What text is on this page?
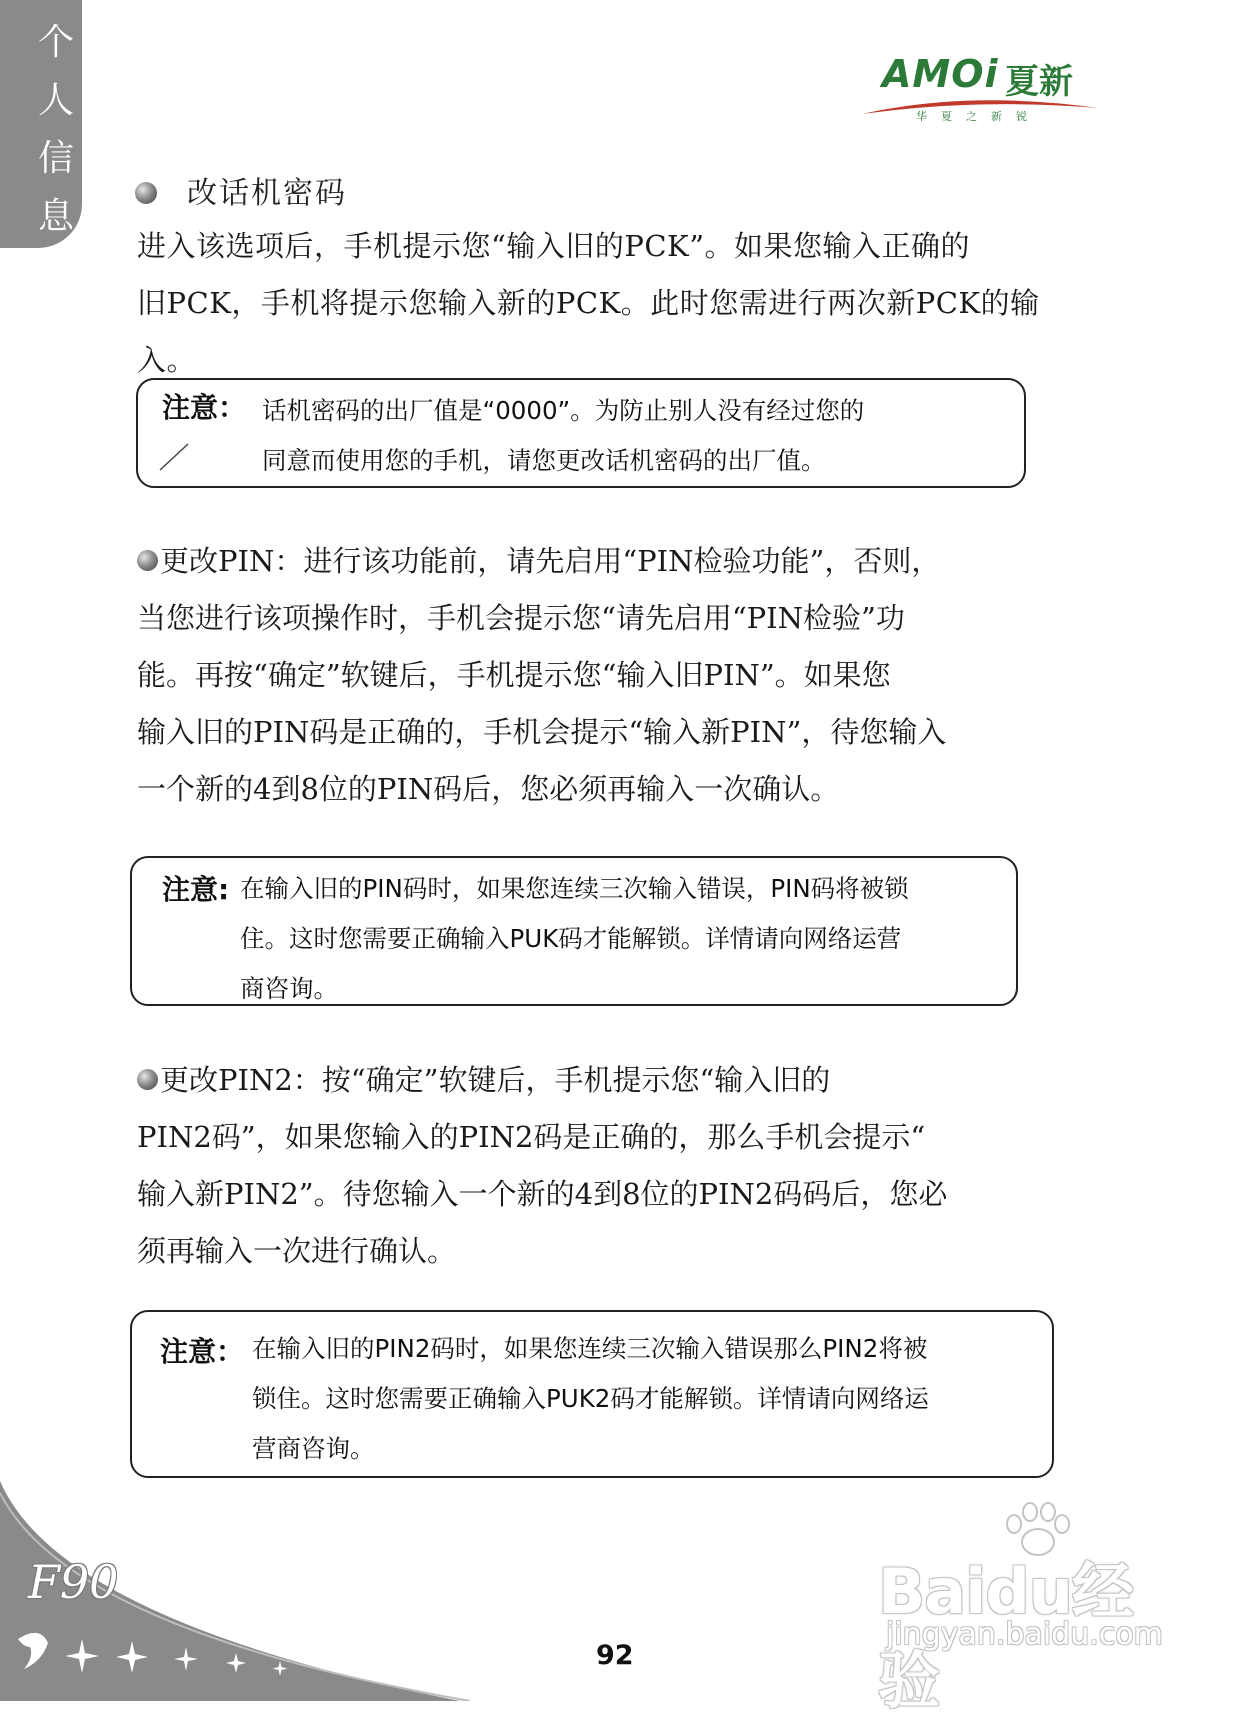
个
人
信
息
AMOi 夏新
华夏之新锐
改话机密码
进入该选项后，手机提示您“输入旧的PCK”。如果您输入正确的
旧PCK，手机将提示您输入新的PCK。此时您需进行两次新PCK的输入。
注意： 话机密码的出厂值是“0000”。为防止别人没有经过您的
同意而使用您的手机，请您更改话机密码的出厂值。
更改PIN：进行该功能前，请先启用“PIN检验功能”，否则，
当您进行该项操作时，手机会提示您“请先启用“PIN检验”功
能。再按“确定”软键后，手机提示您“输入旧PIN”。如果您
输入旧的PIN码是正确的，手机会提示“输入新PIN”，待您输入
一个新的4到8位的PIN码后，您必须再输入一次确认。
注意: 在输入旧的PIN码时，如果您连续三次输入错误，PIN码将被锁
住。这时您需要正确输入PUK码才能解锁。详情请向网络运营
商咨询。
更改PIN2：按“确定”软键后，手机提示您“输入旧的
PIN2码”，如果您输入的PIN2码是正确的，那么手机会提示“
输入新PIN2”。待您输入一个新的4到8位的PIN2码码后，您必
须再输入一次进行确认。
注意： 在输入旧的PIN2码时，如果您连续三次输入错误那么PIN2将被
锁住。这时您需要正确输入PUK2码才能解锁。详情请向网络运
营商咨询。
F90
92
Baidu经验
jingyan.baidu.com
